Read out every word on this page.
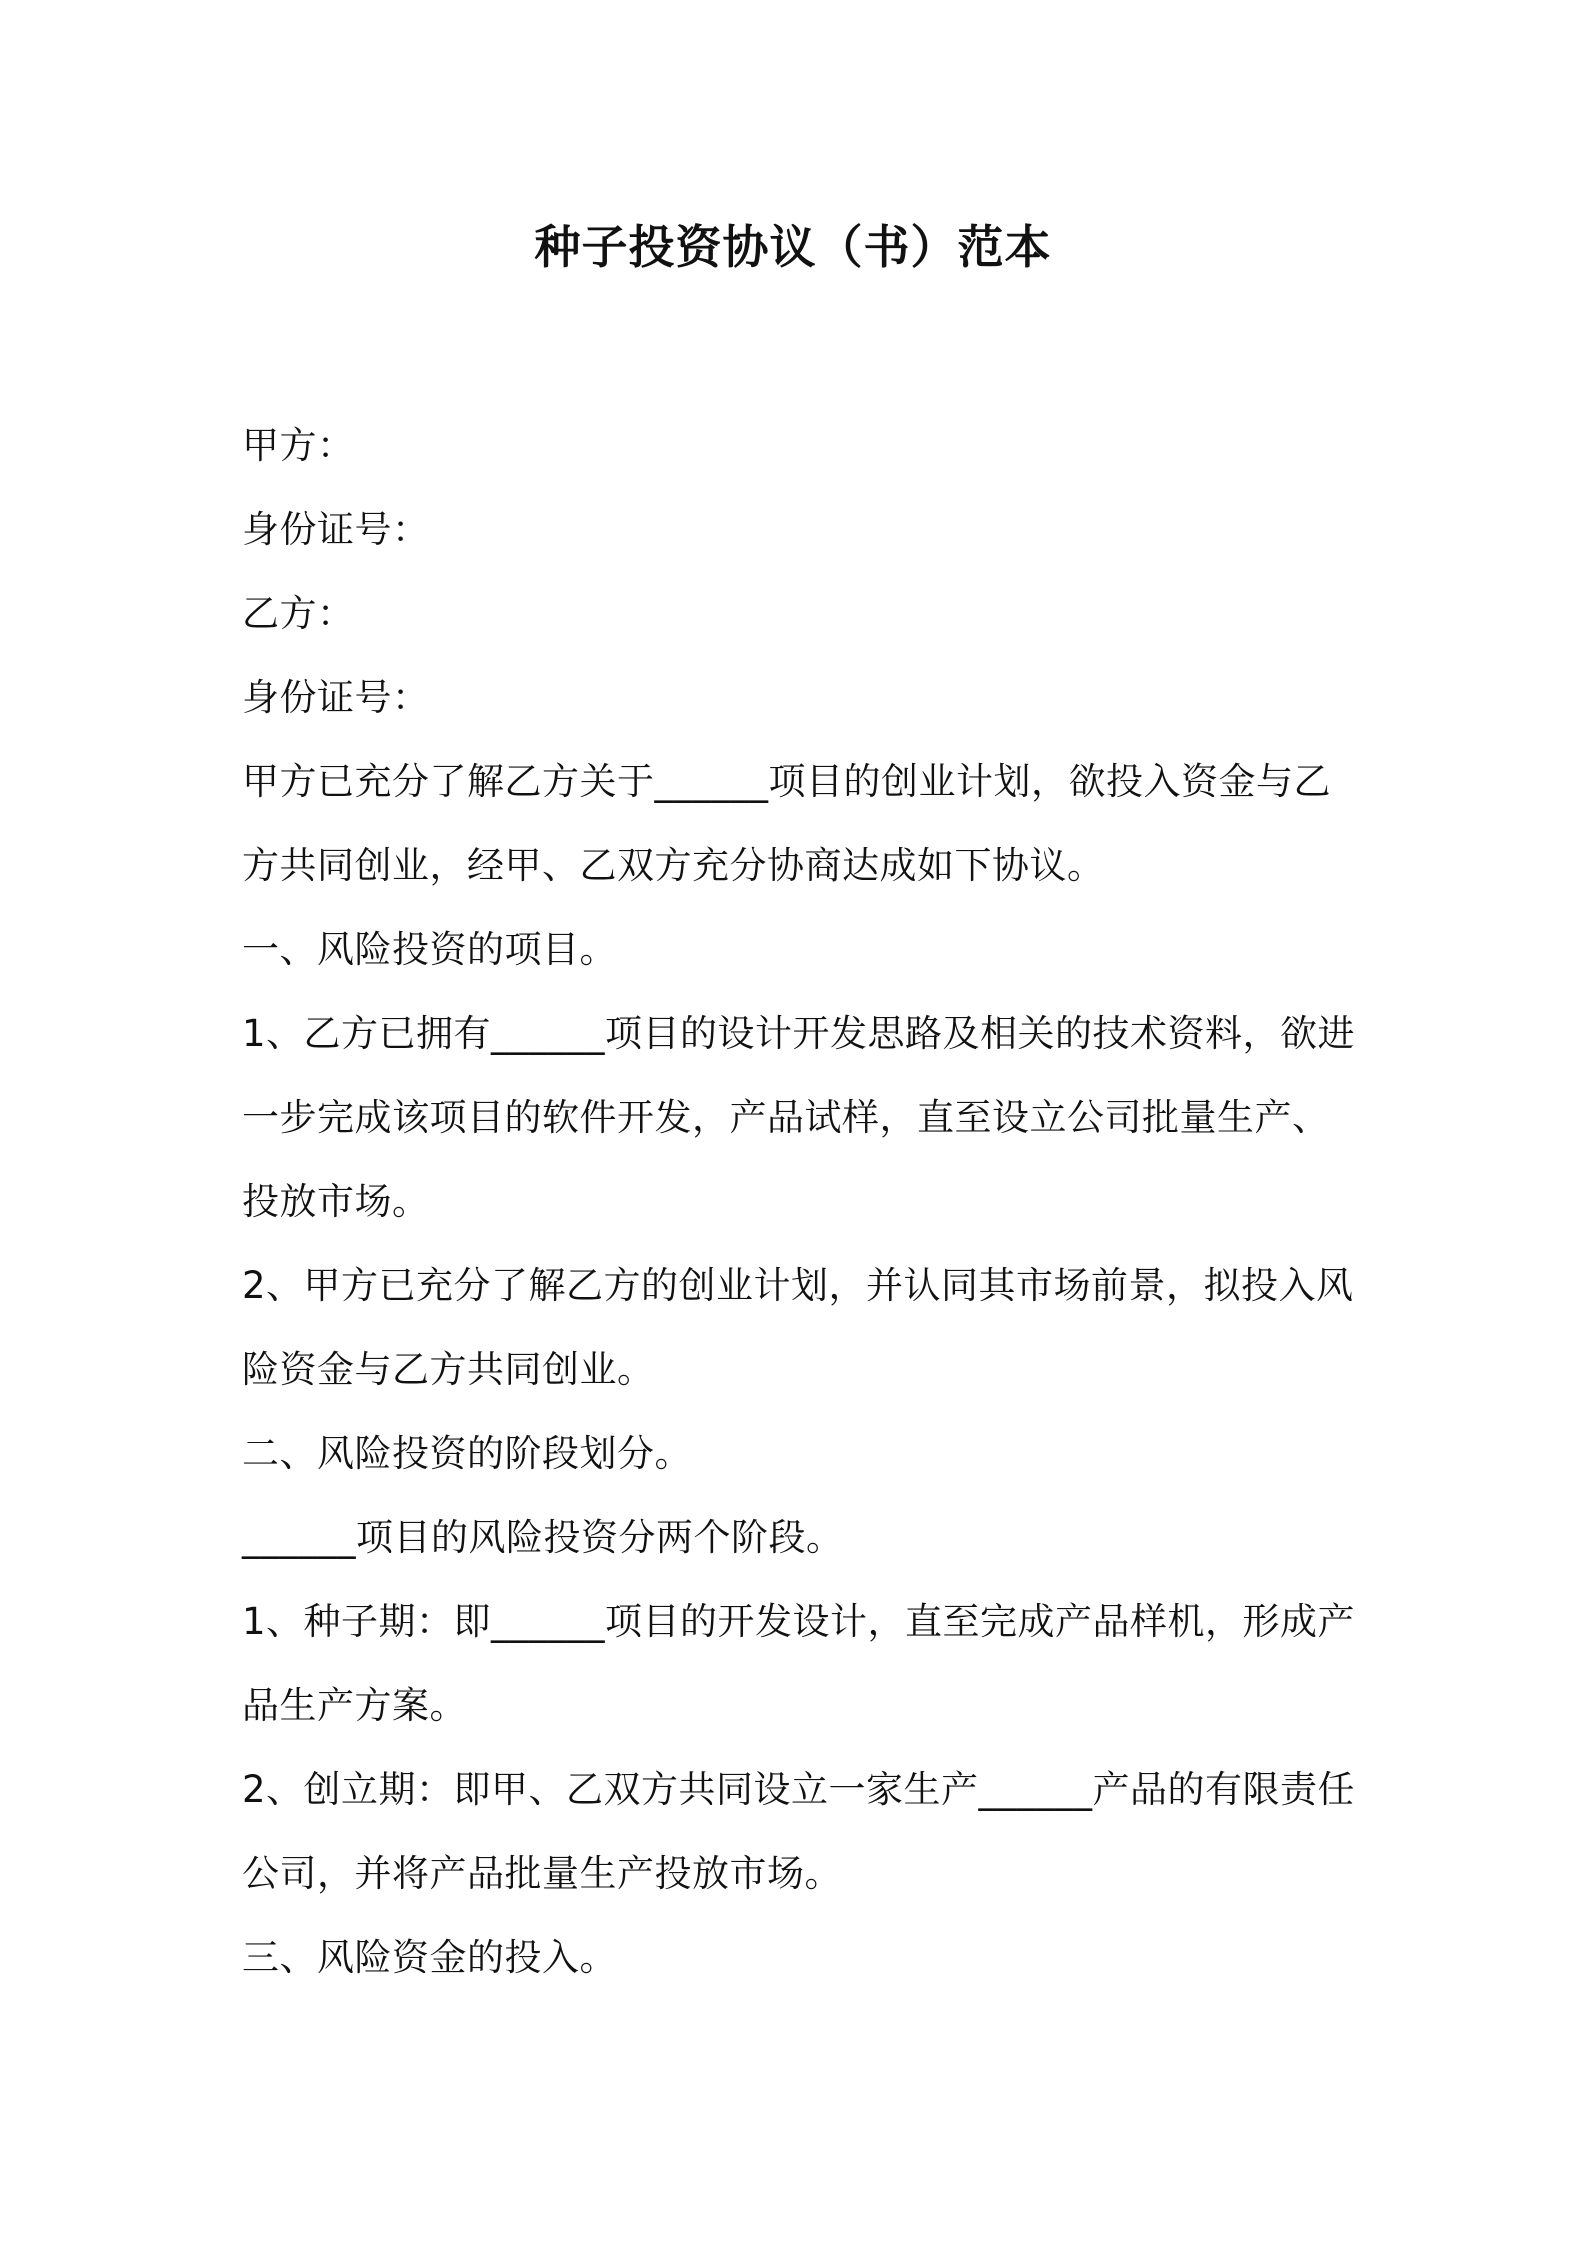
种子投资协议（书）范本

甲方：

身份证号：

乙方：

身份证号：

甲方已充分了解乙方关于______项目的创业计划，欲投入资金与乙方共同创业，经甲、乙双方充分协商达成如下协议。

一、风险投资的项目。

1、乙方已拥有______项目的设计开发思路及相关的技术资料，欲进一步完成该项目的软件开发，产品试样，直至设立公司批量生产、投放市场。

2、甲方已充分了解乙方的创业计划，并认同其市场前景，拟投入风险资金与乙方共同创业。

二、风险投资的阶段划分。

______项目的风险投资分两个阶段。

1、种子期：即______项目的开发设计，直至完成产品样机，形成产品生产方案。

2、创立期：即甲、乙双方共同设立一家生产______产品的有限责任公司，并将产品批量生产投放市场。

三、风险资金的投入。
